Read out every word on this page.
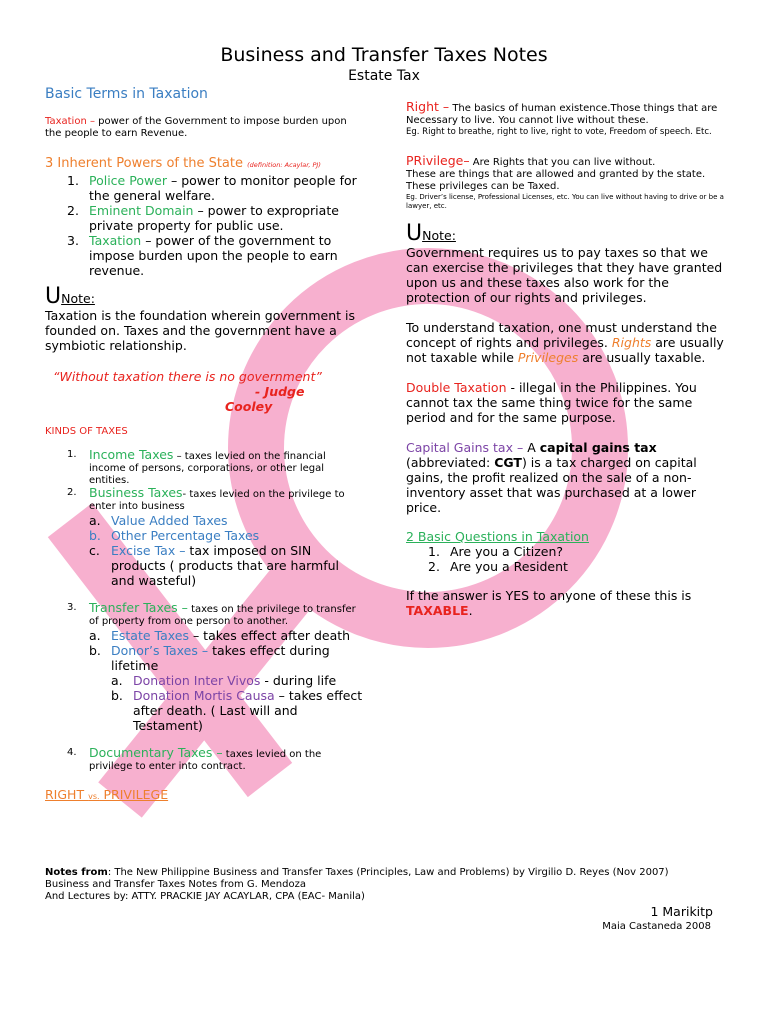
Business and Transfer Taxes Notes
Estate Tax
Basic Terms in Taxation
Taxation – power of the Government to impose burden upon the people to earn Revenue.
3 Inherent Powers of the State (definition: Acaylar, PJ)
1. Police Power – power to monitor people for the general welfare.
2. Eminent Domain – power to expropriate private property for public use.
3. Taxation – power of the government to impose burden upon the people to earn revenue.
UNote:
Taxation is the foundation wherein government is founded on. Taxes and the government have a symbiotic relationship.
“Without taxation there is no government”
- Judge
Cooley
KINDS OF TAXES
1. Income Taxes – taxes levied on the financial income of persons, corporations, or other legal entities.
2. Business Taxes- taxes levied on the privilege to enter into business
a. Value Added Taxes
b. Other Percentage Taxes
c. Excise Tax – tax imposed on SIN products ( products that are harmful and wasteful)
3. Transfer Taxes – taxes on the privilege to transfer of property from one person to another.
a. Estate Taxes – takes effect after death
b. Donor’s Taxes – takes effect during lifetime
a. Donation Inter Vivos - during life
b. Donation Mortis Causa – takes effect after death. ( Last will and Testament)
4. Documentary Taxes – taxes levied on the privilege to enter into contract.
RIGHT vs. PRIVILEGE
Right – The basics of human existence.Those things that are Necessary to live. You cannot live without these.
Eg. Right to breathe, right to live, right to vote, Freedom of speech. Etc.
PRivilege– Are Rights that you can live without.
These are things that are allowed and granted by the state. These privileges can be Taxed.
Eg. Driver’s license, Professional Licenses, etc. You can live without having to drive or be a lawyer, etc.
UNote:
Government requires us to pay taxes so that we can exercise the privileges that they have granted upon us and these taxes also work for the protection of our rights and privileges.
To understand taxation, one must understand the concept of rights and privileges. Rights are usually not taxable while Privileges are usually taxable.
Double Taxation - illegal in the Philippines. You cannot tax the same thing twice for the same period and for the same purpose.
Capital Gains tax – A capital gains tax (abbreviated: CGT) is a tax charged on capital gains, the profit realized on the sale of a non-inventory asset that was purchased at a lower price.
2 Basic Questions in Taxation
1. Are you a Citizen?
2. Are you a Resident
If the answer is YES to anyone of these this is TAXABLE.
Notes from: The New Philippine Business and Transfer Taxes (Principles, Law and Problems) by Virgilio D. Reyes (Nov 2007)
Business and Transfer Taxes Notes from G. Mendoza
And Lectures by: ATTY. PRACKIE JAY ACAYLAR, CPA (EAC- Manila)
1 Marikitp
Maia Castaneda 2008
